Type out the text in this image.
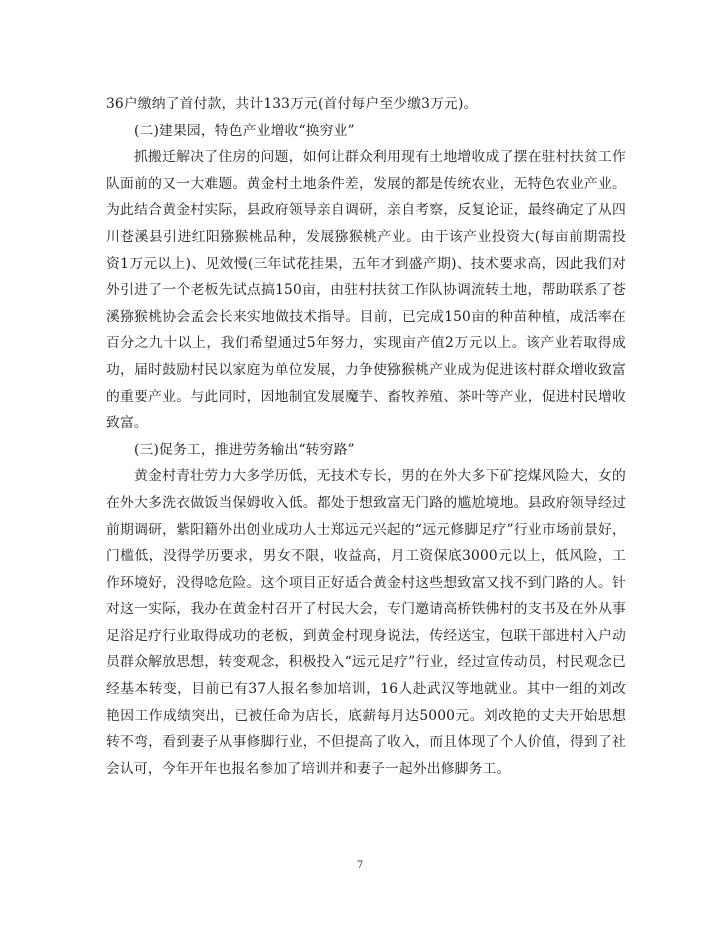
36户缴纳了首付款，共计133万元(首付每户至少缴3万元)。

(二)建果园，特色产业增收“换穷业”

抓搬迁解决了住房的问题，如何让群众利用现有土地增收成了摆在驻村扶贫工作队面前的又一大难题。黄金村土地条件差，发展的都是传统农业，无特色农业产业。为此结合黄金村实际，县政府领导亲自调研，亲自考察，反复论证，最终确定了从四川苍溪县引进红阳猕猴桃品种，发展猕猴桃产业。由于该产业投资大(每亩前期需投资1万元以上)、见效慢(三年试花挂果，五年才到盛产期)、技术要求高，因此我们对外引进了一个老板先试点搞150亩，由驻村扶贫工作队协调流转土地，帮助联系了苍溪猕猴桃协会孟会长来实地做技术指导。目前，已完成150亩的种苗种植，成活率在百分之九十以上，我们希望通过5年努力，实现亩产值2万元以上。该产业若取得成功，届时鼓励村民以家庭为单位发展，力争使猕猴桃产业成为促进该村群众增收致富的重要产业。与此同时，因地制宜发展魔芋、畜牧养殖、茶叶等产业，促进村民增收致富。

(三)促务工，推进劳务输出“转穷路”

黄金村青壮劳力大多学历低，无技术专长，男的在外大多下矿挖煤风险大，女的在外大多洗衣做饭当保姆收入低。都处于想致富无门路的尴尬境地。县政府领导经过前期调研，紫阳籍外出创业成功人士郑远元兴起的“远元修脚足疗”行业市场前景好，门槛低，没得学历要求，男女不限，收益高，月工资保底3000元以上，低风险，工作环境好，没得唸危险。这个项目正好适合黄金村这些想致富又找不到门路的人。针对这一实际，我办在黄金村召开了村民大会，专门邀请高桥铁佛村的支书及在外从事足浴足疗行业取得成功的老板，到黄金村现身说法，传经送宝，包联干部进村入户动员群众解放思想，转变观念，积极投入“远元足疗”行业，经过宣传动员，村民观念已经基本转变，目前已有37人报名参加培训，16人赴武汉等地就业。其中一组的刘改艳因工作成绩突出，已被任命为店长，底薪每月达5000元。刘改艳的丈夫开始思想转不弯，看到妻子从事修脚行业，不但提高了收入，而且体现了个人价值，得到了社会认可，今年开年也报名参加了培训并和妻子一起外出修脚务工。

7
